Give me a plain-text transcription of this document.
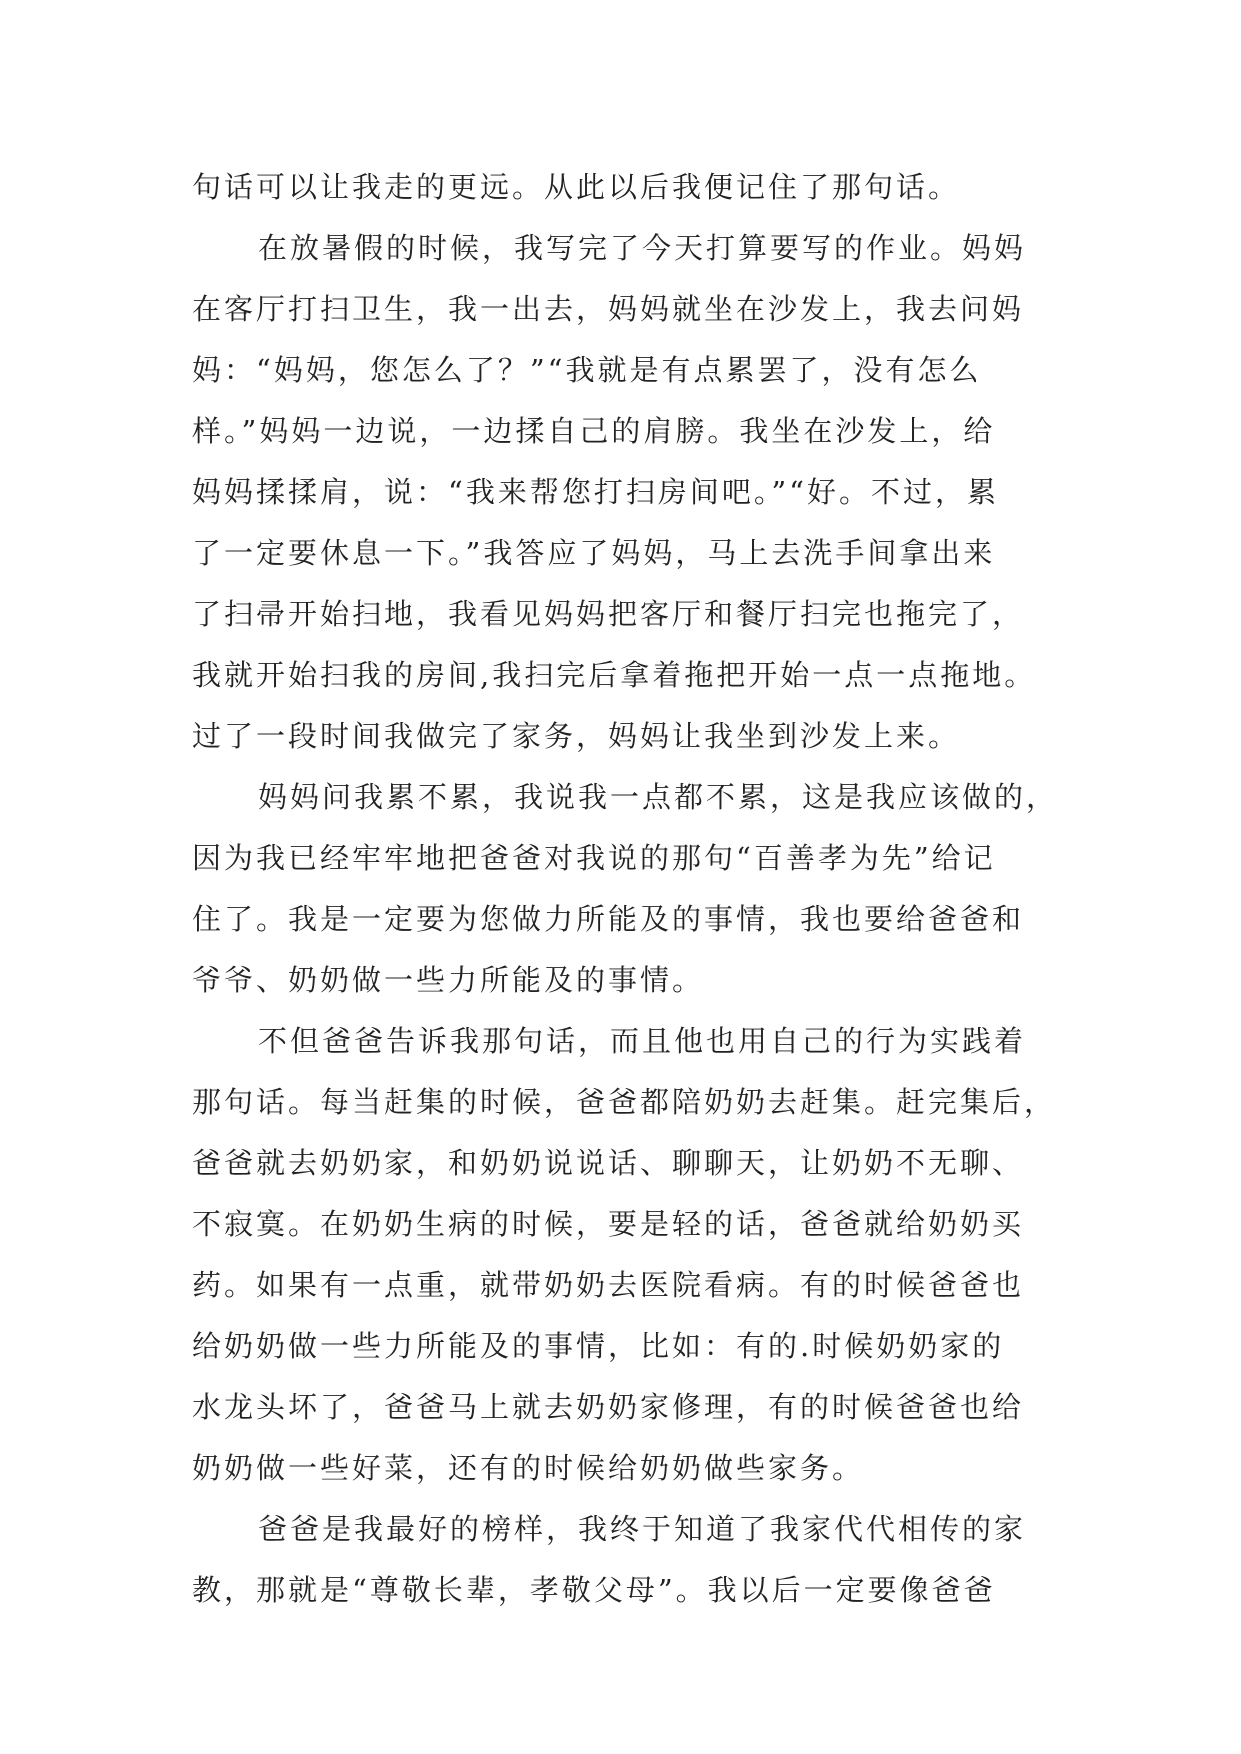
句话可以让我走的更远。从此以后我便记住了那句话。
在放暑假的时候，我写完了今天打算要写的作业。妈妈
在客厅打扫卫生，我一出去，妈妈就坐在沙发上，我去问妈
妈：“妈妈，您怎么了？”“我就是有点累罢了，没有怎么
样。”妈妈一边说，一边揉自己的肩膀。我坐在沙发上，给
妈妈揉揉肩，说：“我来帮您打扫房间吧。”“好。不过，累
了一定要休息一下。”我答应了妈妈，马上去洗手间拿出来
了扫帚开始扫地，我看见妈妈把客厅和餐厅扫完也拖完了，
我就开始扫我的房间,我扫完后拿着拖把开始一点一点拖地。
过了一段时间我做完了家务，妈妈让我坐到沙发上来。
妈妈问我累不累，我说我一点都不累，这是我应该做的，
因为我已经牢牢地把爸爸对我说的那句“百善孝为先”给记
住了。我是一定要为您做力所能及的事情，我也要给爸爸和
爷爷、奶奶做一些力所能及的事情。
不但爸爸告诉我那句话，而且他也用自己的行为实践着
那句话。每当赶集的时候，爸爸都陪奶奶去赶集。赶完集后，
爸爸就去奶奶家，和奶奶说说话、聊聊天，让奶奶不无聊、
不寂寞。在奶奶生病的时候，要是轻的话，爸爸就给奶奶买
药。如果有一点重，就带奶奶去医院看病。有的时候爸爸也
给奶奶做一些力所能及的事情，比如：有的.时候奶奶家的
水龙头坏了，爸爸马上就去奶奶家修理，有的时候爸爸也给
奶奶做一些好菜，还有的时候给奶奶做些家务。
爸爸是我最好的榜样，我终于知道了我家代代相传的家
教，那就是“尊敬长辈，孝敬父母”。我以后一定要像爸爸
